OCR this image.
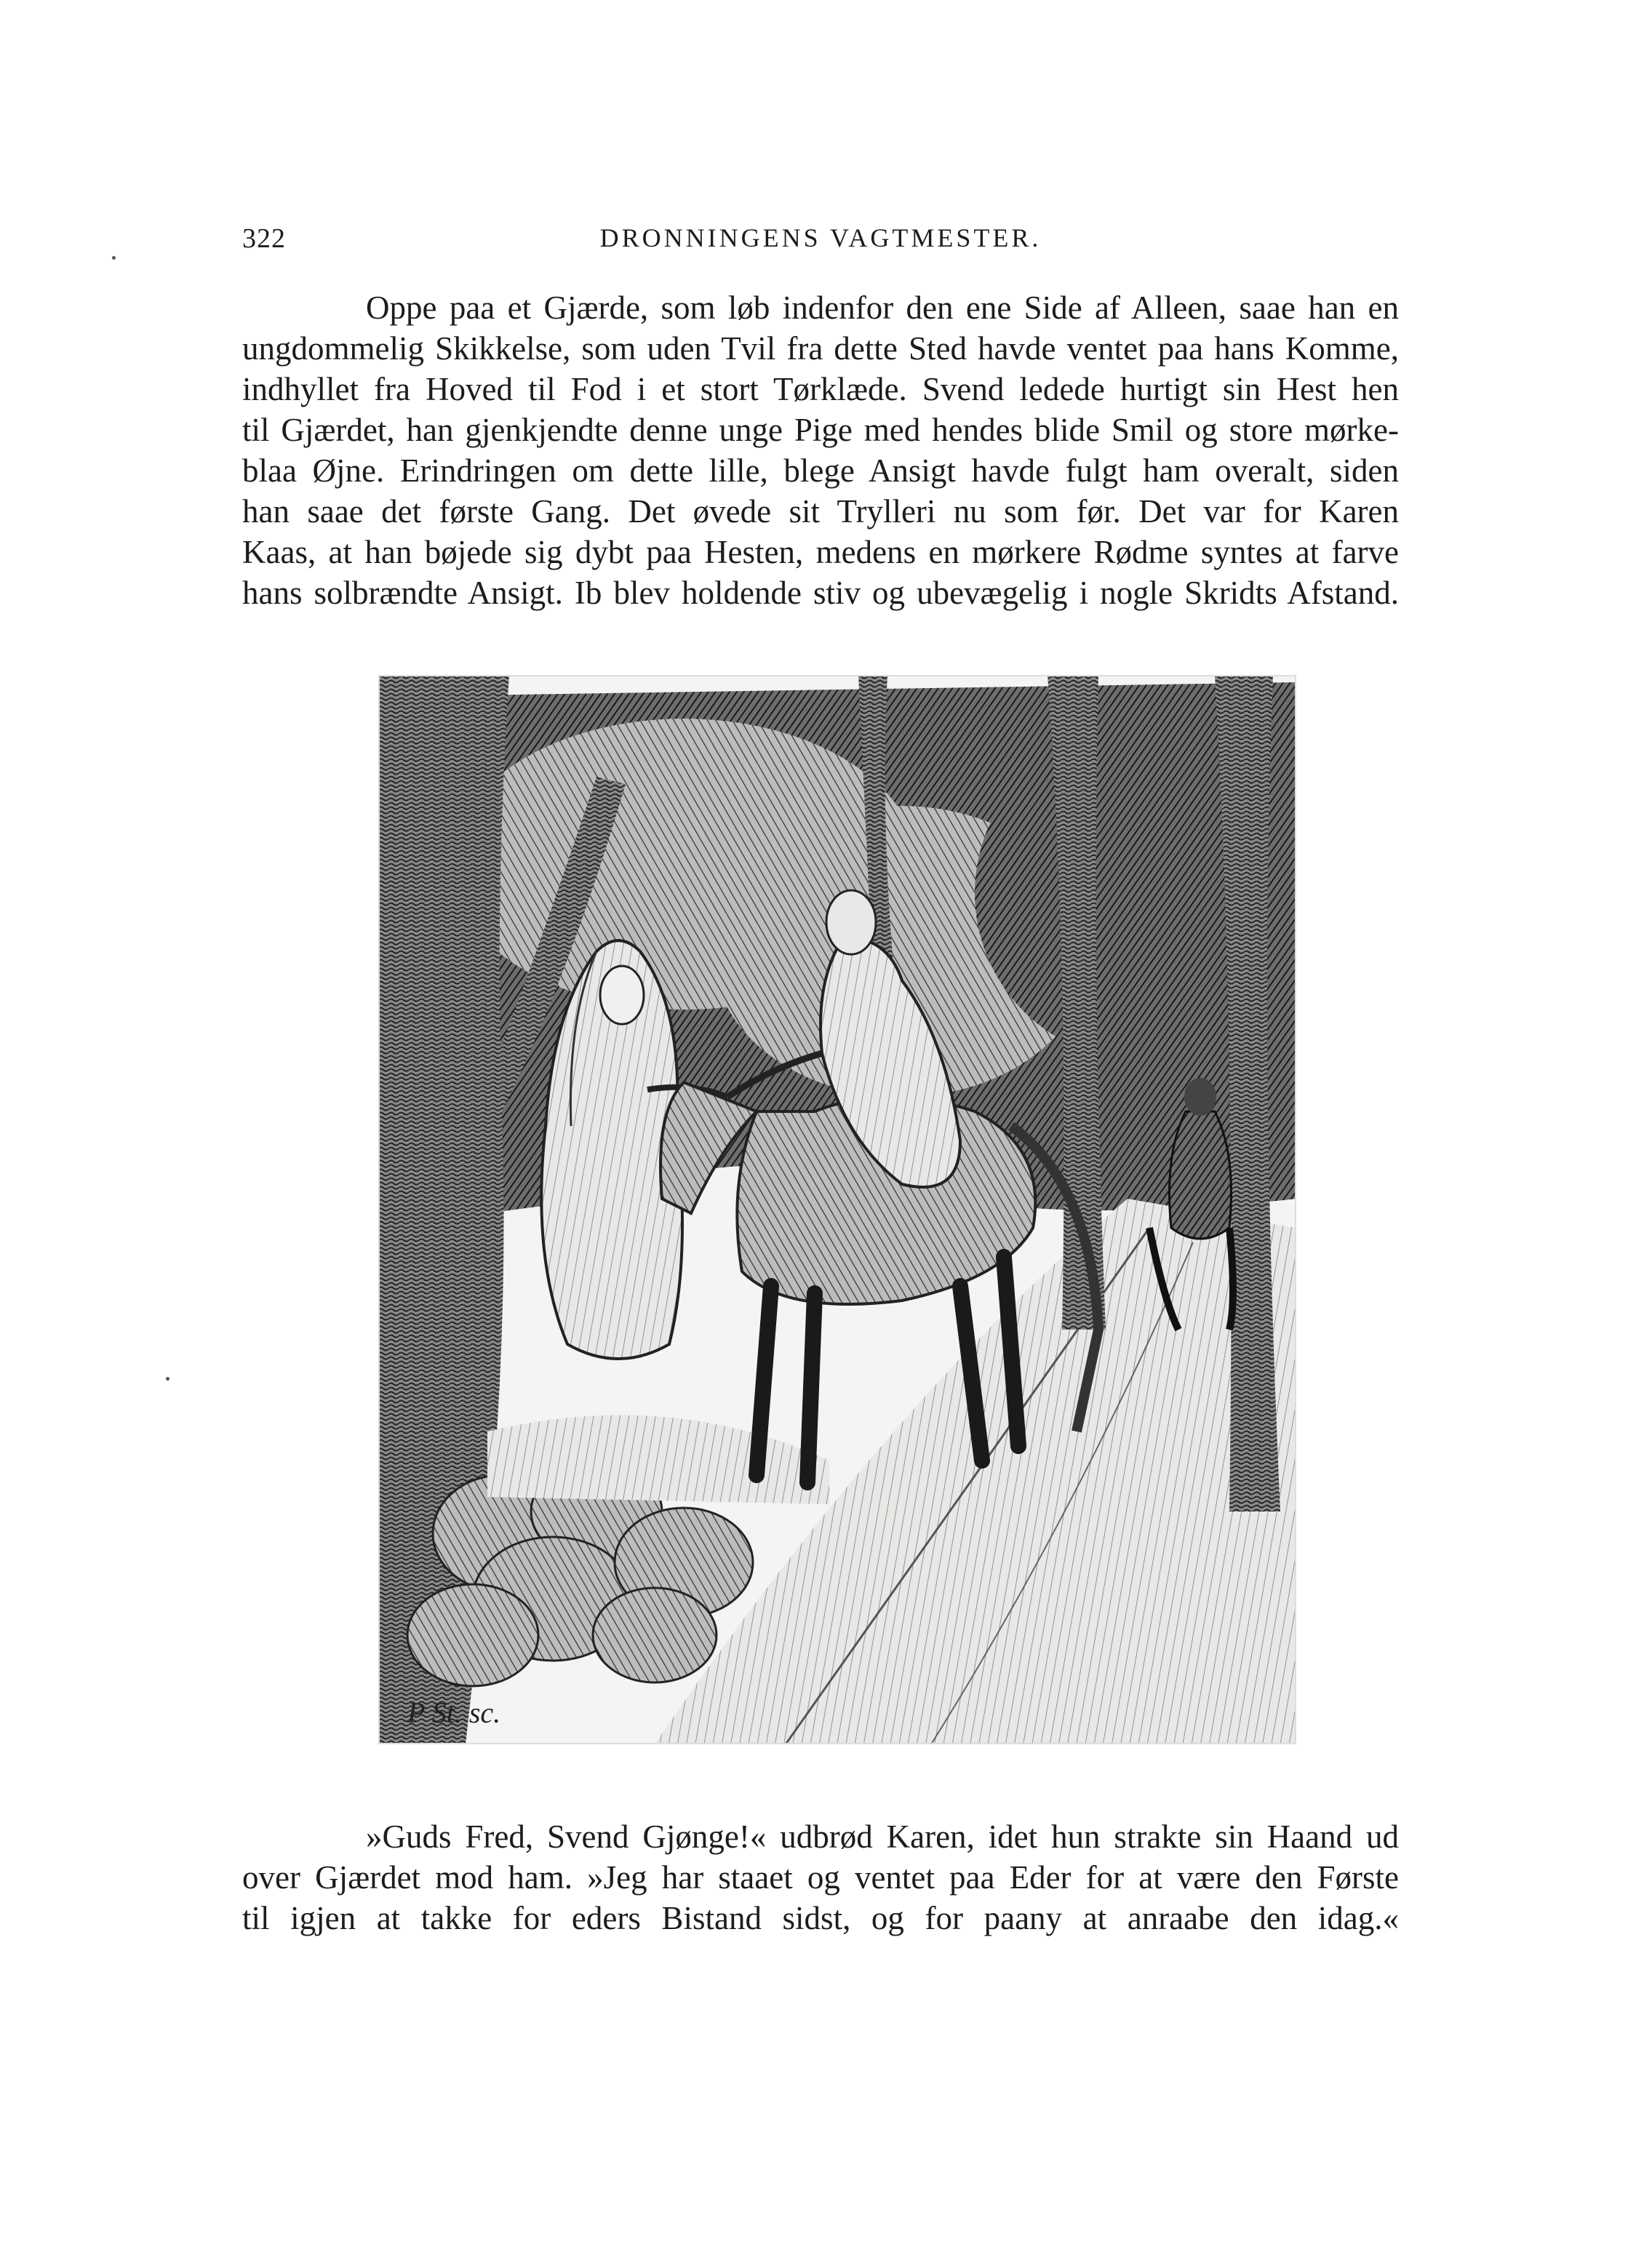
322	DRONNINGENS VAGTMESTER.
Oppe paa et Gjærde, som løb indenfor den ene Side af Alleen, saae han en
ungdommelig Skikkelse, som uden Tvil fra dette Sted havde ventet paa hans Komme,
indhyllet fra Hoved til Fod i et stort Tørklæde. Svend ledede hurtigt sin Hest hen
til Gjærdet, han gjenkjendte denne unge Pige med hendes blide Smil og store mørke-
blaa Øjne. Erindringen om dette lille, blege Ansigt havde fulgt ham overalt, siden
han saae det første Gang. Det øvede sit Trylleri nu som før. Det var for Karen
Kaas, at han bøjede sig dybt paa Hesten, medens en mørkere Rødme syntes at farve
hans solbrændte Ansigt. Ib blev holdende stiv og ubevægelig i nogle Skridts Afstand.
P St. sc.
»Guds Fred, Svend Gjønge!« udbrød Karen, idet hun strakte sin Haand ud
over Gjærdet mod ham. »Jeg har staaet og ventet paa Eder for at være den Første
til igjen at takke for eders Bistand sidst, og for paany at anraabe den idag.«
